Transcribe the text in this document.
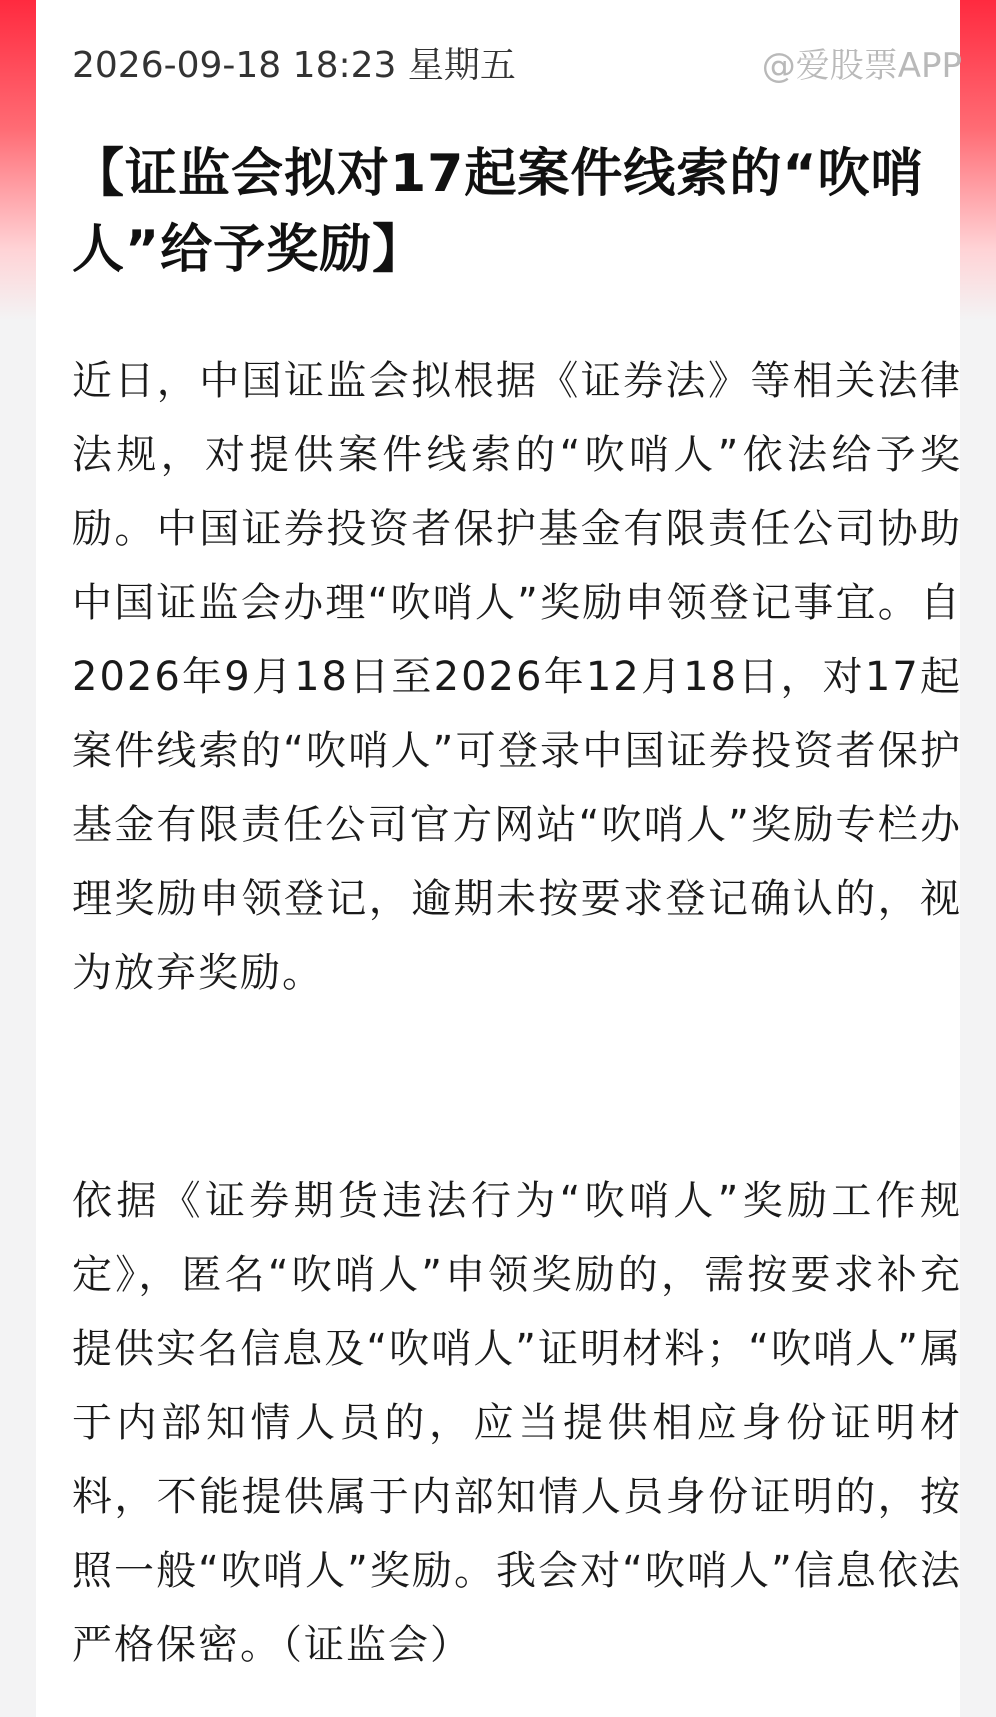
2026-09-18 18:23 星期五	@爱股票APP
【证监会拟对17起案件线索的“吹哨人”给予奖励】

近日，中国证监会拟根据《证券法》等相关法律法规，对提供案件线索的“吹哨人”依法给予奖励。中国证券投资者保护基金有限责任公司协助中国证监会办理“吹哨人”奖励申领登记事宜。自2026年9月18日至2026年12月18日，对17起案件线索的“吹哨人”可登录中国证券投资者保护基金有限责任公司官方网站“吹哨人”奖励专栏办理奖励申领登记，逾期未按要求登记确认的，视为放弃奖励。

依据《证券期货违法行为“吹哨人”奖励工作规定》，匿名“吹哨人”申领奖励的，需按要求补充提供实名信息及“吹哨人”证明材料；“吹哨人”属于内部知情人员的，应当提供相应身份证明材料，不能提供属于内部知情人员身份证明的，按照一般“吹哨人”奖励。我会对“吹哨人”信息依法严格保密。（证监会）
